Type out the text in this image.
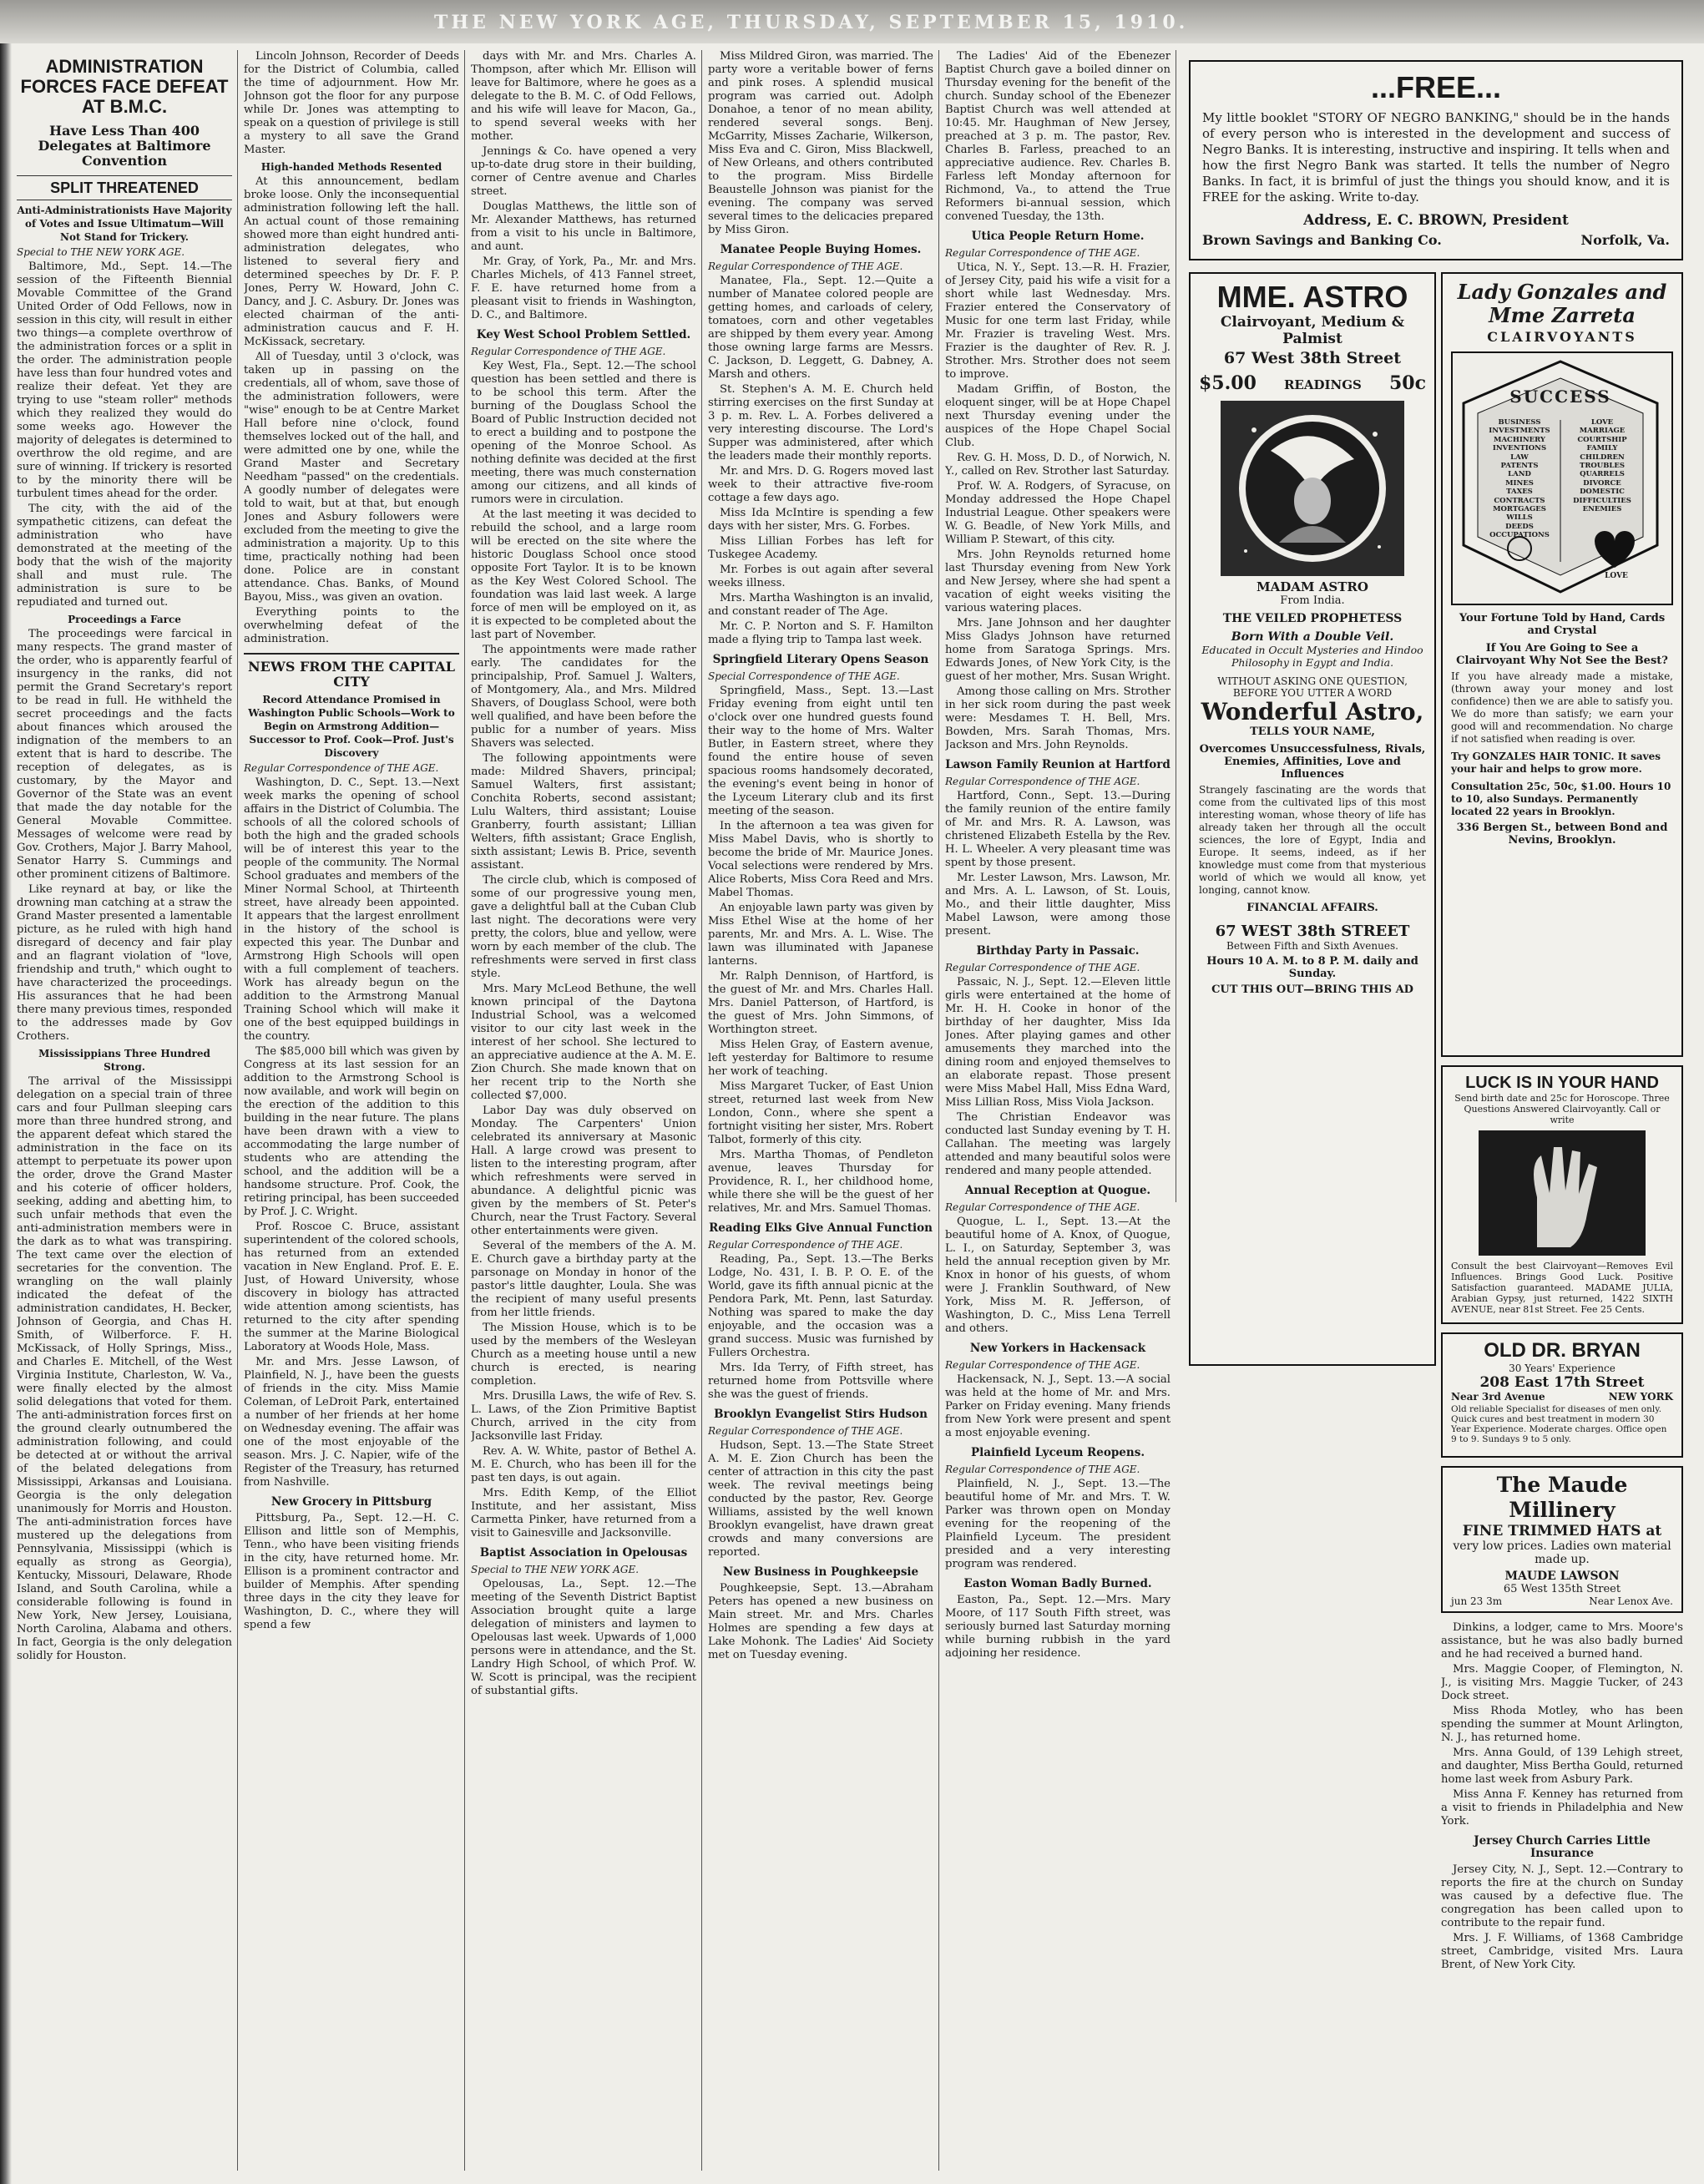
THE NEW YORK AGE, THURSDAY, SEPTEMBER 15, 1910.
ADMINISTRATION FORCES FACE DEFEAT AT B.M.C.
Have Less Than 400 Delegates at Baltimore Convention
SPLIT THREATENED

Anti-Administrationists Have Majority of Votes and Issue Ultimatum—Will Not Stand for Trickery.

Special to THE NEW YORK AGE.

Baltimore, Md., Sept. 14.—The session of the Fifteenth Biennial Movable Committee of the Grand United Order of Odd Fellows, now in session in this city, will result in either two things—a complete overthrow of the administration forces or a split in the order. The administration people have less than four hundred votes and realize their defeat. Yet they are trying to use "steam roller" methods which they realized they would do some weeks ago. However the majority of delegates is determined to overthrow the old regime, and are sure of winning. If trickery is resorted to by the minority there will be turbulent times ahead for the order.

The city, with the aid of the sympathetic citizens, can defeat the administration who have demonstrated at the meeting of the body that the wish of the majority shall and must rule. The administration is sure to be repudiated and turned out.

Proceedings a Farce

The proceedings were farcical in many respects. The grand master of the order, who is apparently fearful of insurgency in the ranks, did not permit the Grand Secretary's report to be read in full. He withheld the secret proceedings and the facts about finances which aroused the indignation of the members to an extent that is hard to describe. The reception of delegates, as is customary, by the Mayor and Governor of the State was an event that made the day notable for the General Movable Committee. Messages of welcome were read by Gov. Crothers, Major J. Barry Mahool, Senator Harry S. Cummings and other prominent citizens of Baltimore.

Like reynard at bay, or like the drowning man catching at a straw the Grand Master presented a lamentable picture, as he ruled with high hand disregard of decency and fair play and an flagrant violation of "love, friendship and truth," which ought to have characterized the proceedings. His assurances that he had been there many previous times, responded to the addresses made by Gov Crothers.

Mississippians Three Hundred Strong.

The arrival of the Mississippi delegation on a special train of three cars and four Pullman sleeping cars more than three hundred strong, and the apparent defeat which stared the administration in the face on its attempt to perpetuate its power upon the order, drove the Grand Master and his coterie of officer holders, seeking, adding and abetting him, to such unfair methods that even the anti-administration members were in the dark as to what was transpiring. The text came over the election of secretaries for the convention. The wrangling on the wall plainly indicated the defeat of the administration candidates, H. Becker, Johnson of Georgia, and Chas H. Smith, of Wilberforce. F. H. McKissack, of Holly Springs, Miss., and Charles E. Mitchell, of the West Virginia Institute, Charleston, W. Va., were finally elected by the almost solid delegations that voted for them. The anti-administration forces first on the ground clearly outnumbered the administration following, and could be detected at or without the arrival of the belated delegations from Mississippi, Arkansas and Louisiana. Georgia is the only delegation unanimously for Morris and Houston. The anti-administration forces have mustered up the delegations from Pennsylvania, Mississippi (which is equally as strong as Georgia), Kentucky, Missouri, Delaware, Rhode Island, and South Carolina, while a considerable following is found in New York, New Jersey, Louisiana, North Carolina, Alabama and others. In fact, Georgia is the only delegation solidly for Houston.

Lincoln Johnson, Recorder of Deeds for the District of Columbia, called the time of adjournment. How Mr. Johnson got the floor for any purpose while Dr. Jones was attempting to speak on a question of privilege is still a mystery to all save the Grand Master.

High-handed Methods Resented

At this announcement, bedlam broke loose. Only the inconsequential administration following left the hall. An actual count of those remaining showed more than eight hundred anti-administration delegates, who listened to several fiery and determined speeches by Dr. F. P. Jones, Perry W. Howard, John C. Dancy, and J. C. Asbury. Dr. Jones was elected chairman of the anti-administration caucus and F. H. McKissack, secretary.

All of Tuesday, until 3 o'clock, was taken up in passing on the credentials, all of whom, save those of the administration followers, were "wise" enough to be at Centre Market Hall before nine o'clock, found themselves locked out of the hall, and were admitted one by one, while the Grand Master and Secretary Needham "passed" on the credentials. A goodly number of delegates were told to wait, but at that, but enough Jones and Asbury followers were excluded from the meeting to give the administration a majority. Up to this time, practically nothing had been done. Police are in constant attendance. Chas. Banks, of Mound Bayou, Miss., was given an ovation.

Everything points to the overwhelming defeat of the administration.

NEWS FROM THE CAPITAL CITY

Record Attendance Promised in Washington Public Schools—Work to Begin on Armstrong Addition—Successor to Prof. Cook—Prof. Just's Discovery

Regular Correspondence of THE AGE.

Washington, D. C., Sept. 13.—Next week marks the opening of school affairs in the District of Columbia. The schools of all the colored schools of both the high and the graded schools will be of interest this year to the people of the community. The Normal School graduates and members of the Miner Normal School, at Thirteenth street, have already been appointed. It appears that the largest enrollment in the history of the school is expected this year. The Dunbar and Armstrong High Schools will open with a full complement of teachers. Work has already begun on the addition to the Armstrong Manual Training School which will make it one of the best equipped buildings in the country.

The $85,000 bill which was given by Congress at its last session for an addition to the Armstrong School is now available, and work will begin on the erection of the addition to this building in the near future. The plans have been drawn with a view to accommodating the large number of students who are attending the school, and the addition will be a handsome structure. Prof. Cook, the retiring principal, has been succeeded by Prof. J. C. Wright.

Prof. Roscoe C. Bruce, assistant superintendent of the colored schools, has returned from an extended vacation in New England. Prof. E. E. Just, of Howard University, whose discovery in biology has attracted wide attention among scientists, has returned to the city after spending the summer at the Marine Biological Laboratory at Woods Hole, Mass.

Mr. and Mrs. Jesse Lawson, of Plainfield, N. J., have been the guests of friends in the city. Miss Mamie Coleman, of LeDroit Park, entertained a number of her friends at her home on Wednesday evening. The affair was one of the most enjoyable of the season. Mrs. J. C. Napier, wife of the Register of the Treasury, has returned from Nashville.

New Grocery in Pittsburg

Pittsburg, Pa., Sept. 12.—H. C. Ellison and little son of Memphis, Tenn., who have been visiting friends in the city, have returned home. Mr. Ellison is a prominent contractor and builder of Memphis. After spending three days in the city they leave for Washington, D. C., where they will spend a few

days with Mr. and Mrs. Charles A. Thompson, after which Mr. Ellison will leave for Baltimore, where he goes as a delegate to the B. M. C. of Odd Fellows, and his wife will leave for Macon, Ga., to spend several weeks with her mother.

Jennings & Co. have opened a very up-to-date drug store in their building, corner of Centre avenue and Charles street.

Douglas Matthews, the little son of Mr. Alexander Matthews, has returned from a visit to his uncle in Baltimore, and aunt.

Mr. Gray, of York, Pa., Mr. and Mrs. Charles Michels, of 413 Fannel street, F. E. have returned home from a pleasant visit to friends in Washington, D. C., and Baltimore.

Key West School Problem Settled.

Regular Correspondence of THE AGE.

Key West, Fla., Sept. 12.—The school question has been settled and there is to be school this term. After the burning of the Douglass School the Board of Public Instruction decided not to erect a building and to postpone the opening of the Monroe School. As nothing definite was decided at the first meeting, there was much consternation among our citizens, and all kinds of rumors were in circulation.

At the last meeting it was decided to rebuild the school, and a large room will be erected on the site where the historic Douglass School once stood opposite Fort Taylor. It is to be known as the Key West Colored School. The foundation was laid last week. A large force of men will be employed on it, as it is expected to be completed about the last part of November.

The appointments were made rather early. The candidates for the principalship, Prof. Samuel J. Walters, of Montgomery, Ala., and Mrs. Mildred Shavers, of Douglass School, were both well qualified, and have been before the public for a number of years. Miss Shavers was selected.

The following appointments were made: Mildred Shavers, principal; Samuel Walters, first assistant; Conchita Roberts, second assistant; Lulu Walters, third assistant; Louise Granberry, fourth assistant; Lillian Welters, fifth assistant; Grace English, sixth assistant; Lewis B. Price, seventh assistant.

The circle club, which is composed of some of our progressive young men, gave a delightful ball at the Cuban Club last night. The decorations were very pretty, the colors, blue and yellow, were worn by each member of the club. The refreshments were served in first class style.

Mrs. Mary McLeod Bethune, the well known principal of the Daytona Industrial School, was a welcomed visitor to our city last week in the interest of her school. She lectured to an appreciative audience at the A. M. E. Zion Church. She made known that on her recent trip to the North she collected $7,000.

Labor Day was duly observed on Monday. The Carpenters' Union celebrated its anniversary at Masonic Hall. A large crowd was present to listen to the interesting program, after which refreshments were served in abundance. A delightful picnic was given by the members of St. Peter's Church, near the Trust Factory. Several other entertainments were given.

Several of the members of the A. M. E. Church gave a birthday party at the parsonage on Monday in honor of the pastor's little daughter, Loula. She was the recipient of many useful presents from her little friends.

The Mission House, which is to be used by the members of the Wesleyan Church as a meeting house until a new church is erected, is nearing completion.

Mrs. Drusilla Laws, the wife of Rev. S. L. Laws, of the Zion Primitive Baptist Church, arrived in the city from Jacksonville last Friday.

Rev. A. W. White, pastor of Bethel A. M. E. Church, who has been ill for the past ten days, is out again.

Mrs. Edith Kemp, of the Elliot Institute, and her assistant, Miss Carmetta Pinker, have returned from a visit to Gainesville and Jacksonville.

Baptist Association in Opelousas

Special to THE NEW YORK AGE.

Opelousas, La., Sept. 12.—The meeting of the Seventh District Baptist Association brought quite a large delegation of ministers and laymen to Opelousas last week. Upwards of 1,000 persons were in attendance, and the St. Landry High School, of which Prof. W. W. Scott is principal, was the recipient of substantial gifts.

Miss Mildred Giron, was married. The party wore a veritable bower of ferns and pink roses. A splendid musical program was carried out. Adolph Donahoe, a tenor of no mean ability, rendered several songs. Benj. McGarrity, Misses Zacharie, Wilkerson, Miss Eva and C. Giron, Miss Blackwell, of New Orleans, and others contributed to the program. Miss Birdelle Beaustelle Johnson was pianist for the evening. The company was served several times to the delicacies prepared by Miss Giron.

Manatee People Buying Homes.

Regular Correspondence of THE AGE.

Manatee, Fla., Sept. 12.—Quite a number of Manatee colored people are getting homes, and carloads of celery, tomatoes, corn and other vegetables are shipped by them every year. Among those owning large farms are Messrs. C. Jackson, D. Leggett, G. Dabney, A. Marsh and others.

St. Stephen's A. M. E. Church held stirring exercises on the first Sunday at 3 p. m. Rev. L. A. Forbes delivered a very interesting discourse. The Lord's Supper was administered, after which the leaders made their monthly reports.

Mr. and Mrs. D. G. Rogers moved last week to their attractive five-room cottage a few days ago.

Miss Ida McIntire is spending a few days with her sister, Mrs. G. Forbes.

Miss Lillian Forbes has left for Tuskegee Academy.

Mr. Forbes is out again after several weeks illness.

Mrs. Martha Washington is an invalid, and constant reader of The Age.

Mr. C. P. Norton and S. F. Hamilton made a flying trip to Tampa last week.

Springfield Literary Opens Season

Special Correspondence of THE AGE.

Springfield, Mass., Sept. 13.—Last Friday evening from eight until ten o'clock over one hundred guests found their way to the home of Mrs. Walter Butler, in Eastern street, where they found the entire house of seven spacious rooms handsomely decorated, the evening's event being in honor of the Lyceum Literary club and its first meeting of the season.

In the afternoon a tea was given for Miss Mabel Davis, who is shortly to become the bride of Mr. Maurice Jones. Vocal selections were rendered by Mrs. Alice Roberts, Miss Cora Reed and Mrs. Mabel Thomas.

An enjoyable lawn party was given by Miss Ethel Wise at the home of her parents, Mr. and Mrs. A. L. Wise. The lawn was illuminated with Japanese lanterns.

Mr. Ralph Dennison, of Hartford, is the guest of Mr. and Mrs. Charles Hall. Mrs. Daniel Patterson, of Hartford, is the guest of Mrs. John Simmons, of Worthington street.

Miss Helen Gray, of Eastern avenue, left yesterday for Baltimore to resume her work of teaching.

Miss Margaret Tucker, of East Union street, returned last week from New London, Conn., where she spent a fortnight visiting her sister, Mrs. Robert Talbot, formerly of this city.

Mrs. Martha Thomas, of Pendleton avenue, leaves Thursday for Providence, R. I., her childhood home, while there she will be the guest of her relatives, Mr. and Mrs. Samuel Thomas.

Reading Elks Give Annual Function

Regular Correspondence of THE AGE.

Reading, Pa., Sept. 13.—The Berks Lodge, No. 431, I. B. P. O. E. of the World, gave its fifth annual picnic at the Pendora Park, Mt. Penn, last Saturday. Nothing was spared to make the day enjoyable, and the occasion was a grand success. Music was furnished by Fullers Orchestra.

Mrs. Ida Terry, of Fifth street, has returned home from Pottsville where she was the guest of friends.

Brooklyn Evangelist Stirs Hudson

Regular Correspondence of THE AGE.

Hudson, Sept. 13.—The State Street A. M. E. Zion Church has been the center of attraction in this city the past week. The revival meetings being conducted by the pastor, Rev. George Williams, assisted by the well known Brooklyn evangelist, have drawn great crowds and many conversions are reported.

New Business in Poughkeepsie

Poughkeepsie, Sept. 13.—Abraham Peters has opened a new business on Main street. Mr. and Mrs. Charles Holmes are spending a few days at Lake Mohonk. The Ladies' Aid Society met on Tuesday evening.

The Ladies' Aid of the Ebenezer Baptist Church gave a boiled dinner on Thursday evening for the benefit of the church. Sunday school of the Ebenezer Baptist Church was well attended at 10:45. Mr. Haughman of New Jersey, preached at 3 p. m. The pastor, Rev. Charles B. Farless, preached to an appreciative audience. Rev. Charles B. Farless left Monday afternoon for Richmond, Va., to attend the True Reformers bi-annual session, which convened Tuesday, the 13th.

Utica People Return Home.

Regular Correspondence of THE AGE.

Utica, N. Y., Sept. 13.—R. H. Frazier, of Jersey City, paid his wife a visit for a short while last Wednesday. Mrs. Frazier entered the Conservatory of Music for one term last Friday, while Mr. Frazier is traveling West. Mrs. Frazier is the daughter of Rev. R. J. Strother. Mrs. Strother does not seem to improve.

Madam Griffin, of Boston, the eloquent singer, will be at Hope Chapel next Thursday evening under the auspices of the Hope Chapel Social Club.

Rev. G. H. Moss, D. D., of Norwich, N. Y., called on Rev. Strother last Saturday.

Prof. W. A. Rodgers, of Syracuse, on Monday addressed the Hope Chapel Industrial League. Other speakers were W. G. Beadle, of New York Mills, and William P. Stewart, of this city.

Mrs. John Reynolds returned home last Thursday evening from New York and New Jersey, where she had spent a vacation of eight weeks visiting the various watering places.

Mrs. Jane Johnson and her daughter Miss Gladys Johnson have returned home from Saratoga Springs. Mrs. Edwards Jones, of New York City, is the guest of her mother, Mrs. Susan Wright.

Among those calling on Mrs. Strother in her sick room during the past week were: Mesdames T. H. Bell, Mrs. Bowden, Mrs. Sarah Thomas, Mrs. Jackson and Mrs. John Reynolds.

Lawson Family Reunion at Hartford

Regular Correspondence of THE AGE.

Hartford, Conn., Sept. 13.—During the family reunion of the entire family of Mr. and Mrs. R. A. Lawson, was christened Elizabeth Estella by the Rev. H. L. Wheeler. A very pleasant time was spent by those present.

Mr. Lester Lawson, Mrs. Lawson, Mr. and Mrs. A. L. Lawson, of St. Louis, Mo., and their little daughter, Miss Mabel Lawson, were among those present.

Birthday Party in Passaic.

Regular Correspondence of THE AGE.

Passaic, N. J., Sept. 12.—Eleven little girls were entertained at the home of Mr. H. H. Cooke in honor of the birthday of her daughter, Miss Ida Jones. After playing games and other amusements they marched into the dining room and enjoyed themselves to an elaborate repast. Those present were Miss Mabel Hall, Miss Edna Ward, Miss Lillian Ross, Miss Viola Jackson.

The Christian Endeavor was conducted last Sunday evening by T. H. Callahan. The meeting was largely attended and many beautiful solos were rendered and many people attended.

Annual Reception at Quogue.

Regular Correspondence of THE AGE.

Quogue, L. I., Sept. 13.—At the beautiful home of A. Knox, of Quogue, L. I., on Saturday, September 3, was held the annual reception given by Mr. Knox in honor of his guests, of whom were J. Franklin Southward, of New York, Miss M. R. Jefferson, of Washington, D. C., Miss Lena Terrell and others.

New Yorkers in Hackensack

Regular Correspondence of THE AGE.

Hackensack, N. J., Sept. 13.—A social was held at the home of Mr. and Mrs. Parker on Friday evening. Many friends from New York were present and spent a most enjoyable evening.

Plainfield Lyceum Reopens.

Regular Correspondence of THE AGE.

Plainfield, N. J., Sept. 13.—The beautiful home of Mr. and Mrs. T. W. Parker was thrown open on Monday evening for the reopening of the Plainfield Lyceum. The president presided and a very interesting program was rendered.

Easton Woman Badly Burned.

Easton, Pa., Sept. 12.—Mrs. Mary Moore, of 117 South Fifth street, was seriously burned last Saturday morning while burning rubbish in the yard adjoining her residence.

...FREE...
My little booklet "STORY OF NEGRO BANKING," should be in the hands of every person who is interested in the development and success of Negro Banks. It is interesting, instructive and inspiring. It tells when and how the first Negro Bank was started. It tells the number of Negro Banks. In fact, it is brimful of just the things you should know, and it is FREE for the asking. Write to-day.
Address, E. C. BROWN, President
Brown Savings and Banking Co.	Norfolk, Va.
MME. ASTRO
Clairvoyant, Medium & Palmist
67 West 38th Street
$5.00 READINGS 50c
MADAM ASTRO
From India.
THE VEILED PROPHETESS
Born With a Double Veil.
Educated in Occult Mysteries and Hindoo Philosophy in Egypt and India.
WITHOUT ASKING ONE QUESTION, BEFORE YOU UTTER A WORD
Wonderful Astro,
TELLS YOUR NAME,
Overcomes Unsuccessfulness, Rivals, Enemies, Affinities, Love and Influences
Strangely fascinating are the words that come from the cultivated lips of this most interesting woman, whose theory of life has already taken her through all the occult sciences, the lore of Egypt, India and Europe. It seems, indeed, as if her knowledge must come from that mysterious world of which we would all know, yet longing, cannot know.
FINANCIAL AFFAIRS.
67 WEST 38th STREET
Between Fifth and Sixth Avenues.
Hours 10 A. M. to 8 P. M. daily and Sunday.
CUT THIS OUT—BRING THIS AD
Lady Gonzales and Mme Zarreta
CLAIRVOYANTS
SUCCESS
BUSINESS
INVESTMENTS
MACHINERY
INVENTIONS
LAW
PATENTS
LAND
MINES
TAXES
CONTRACTS
MORTGAGES
WILLS
DEEDS
OCCUPATIONS
LOVE
MARRIAGE
COURTSHIP
FAMILY
CHILDREN
TROUBLES
QUARRELS
DIVORCE
DOMESTIC
DIFFICULTIES
ENEMIES
LOVE
Your Fortune Told by Hand, Cards and Crystal
If You Are Going to See a Clairvoyant Why Not See the Best?
If you have already made a mistake, (thrown away your money and lost confidence) then we are able to satisfy you. We do more than satisfy; we earn your good will and recommendation. No charge if not satisfied when reading is over.
Try GONZALES HAIR TONIC. It saves your hair and helps to grow more.
Consultation 25c, 50c, $1.00. Hours 10 to 10, also Sundays. Permanently located 22 years in Brooklyn.
336 Bergen St., between Bond and Nevins, Brooklyn.
LUCK IS IN YOUR HAND
Send birth date and 25c for Horoscope. Three Questions Answered Clairvoyantly. Call or write
Consult the best Clairvoyant—Removes Evil Influences. Brings Good Luck. Positive Satisfaction guaranteed. MADAME JULIA, Arabian Gypsy, just returned, 1422 SIXTH AVENUE, near 81st Street. Fee 25 Cents.
OLD DR. BRYAN
30 Years' Experience
208 East 17th Street
Near 3rd Avenue	NEW YORK
Old reliable Specialist for diseases of men only. Quick cures and best treatment in modern 30 Year Experience. Moderate charges. Office open 9 to 9. Sundays 9 to 5 only.
The Maude Millinery
FINE TRIMMED HATS at
very low prices. Ladies own material made up.
MAUDE LAWSON
65 West 135th Street
jun 23 3m	Near Lenox Ave.

Dinkins, a lodger, came to Mrs. Moore's assistance, but he was also badly burned and he had received a burned hand.

Mrs. Maggie Cooper, of Flemington, N. J., is visiting Mrs. Maggie Tucker, of 243 Dock street.

Miss Rhoda Motley, who has been spending the summer at Mount Arlington, N. J., has returned home.

Mrs. Anna Gould, of 139 Lehigh street, and daughter, Miss Bertha Gould, returned home last week from Asbury Park.

Miss Anna F. Kenney has returned from a visit to friends in Philadelphia and New York.

Jersey Church Carries Little Insurance

Jersey City, N. J., Sept. 12.—Contrary to reports the fire at the church on Sunday was caused by a defective flue. The congregation has been called upon to contribute to the repair fund.

Mrs. J. F. Williams, of 1368 Cambridge street, Cambridge, visited Mrs. Laura Brent, of New York City.
